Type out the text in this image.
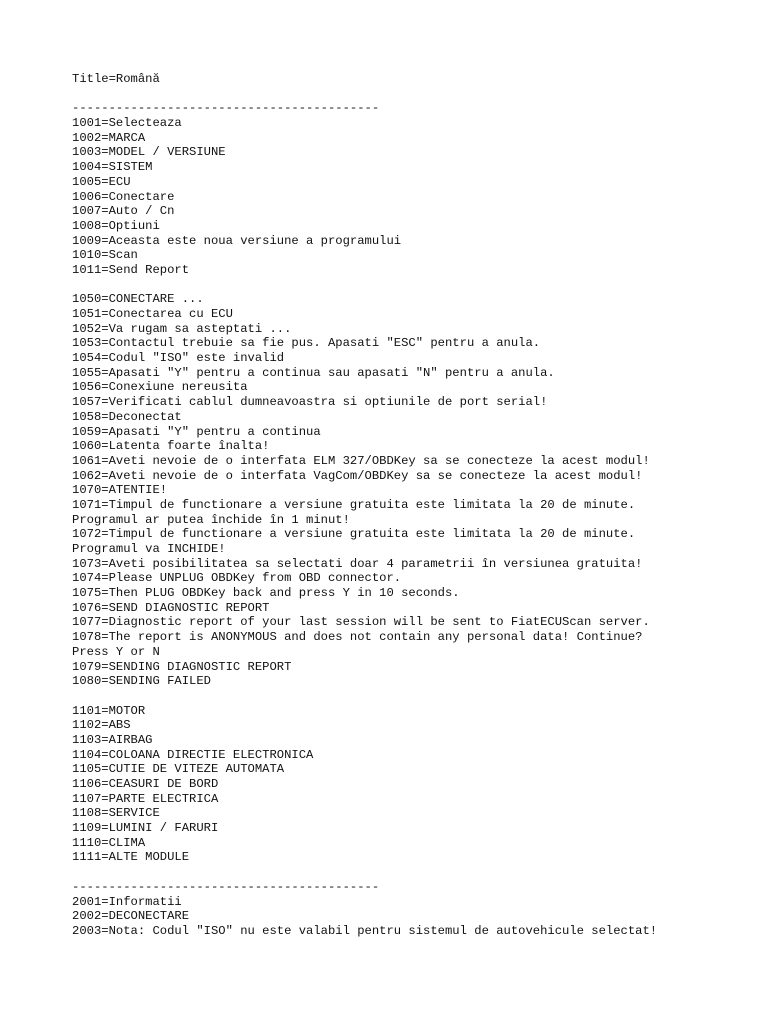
Title=Română
------------------------------------------
1001=Selecteaza
1002=MARCA
1003=MODEL / VERSIUNE
1004=SISTEM
1005=ECU
1006=Conectare
1007=Auto / Cn
1008=Optiuni
1009=Aceasta este noua versiune a programului
1010=Scan
1011=Send Report
1050=CONECTARE ...
1051=Conectarea cu ECU
1052=Va rugam sa asteptati ...
1053=Contactul trebuie sa fie pus. Apasati "ESC" pentru a anula.
1054=Codul "ISO" este invalid
1055=Apasati "Y" pentru a continua sau apasati "N" pentru a anula.
1056=Conexiune nereusita
1057=Verificati cablul dumneavoastra si optiunile de port serial!
1058=Deconectat
1059=Apasati "Y" pentru a continua
1060=Latenta foarte înalta!
1061=Aveti nevoie de o interfata ELM 327/OBDKey sa se conecteze la acest modul!
1062=Aveti nevoie de o interfata VagCom/OBDKey sa se conecteze la acest modul!
1070=ATENTIE!
1071=Timpul de functionare a versiune gratuita este limitata la 20 de minute.
Programul ar putea închide în 1 minut!
1072=Timpul de functionare a versiune gratuita este limitata la 20 de minute.
Programul va INCHIDE!
1073=Aveti posibilitatea sa selectati doar 4 parametrii în versiunea gratuita!
1074=Please UNPLUG OBDKey from OBD connector.
1075=Then PLUG OBDKey back and press Y in 10 seconds.
1076=SEND DIAGNOSTIC REPORT
1077=Diagnostic report of your last session will be sent to FiatECUScan server.
1078=The report is ANONYMOUS and does not contain any personal data! Continue?
Press Y or N
1079=SENDING DIAGNOSTIC REPORT
1080=SENDING FAILED
1101=MOTOR
1102=ABS
1103=AIRBAG
1104=COLOANA DIRECTIE ELECTRONICA
1105=CUTIE DE VITEZE AUTOMATA
1106=CEASURI DE BORD
1107=PARTE ELECTRICA
1108=SERVICE
1109=LUMINI / FARURI
1110=CLIMA
1111=ALTE MODULE
------------------------------------------
2001=Informatii
2002=DECONECTARE
2003=Nota: Codul "ISO" nu este valabil pentru sistemul de autovehicule selectat!
